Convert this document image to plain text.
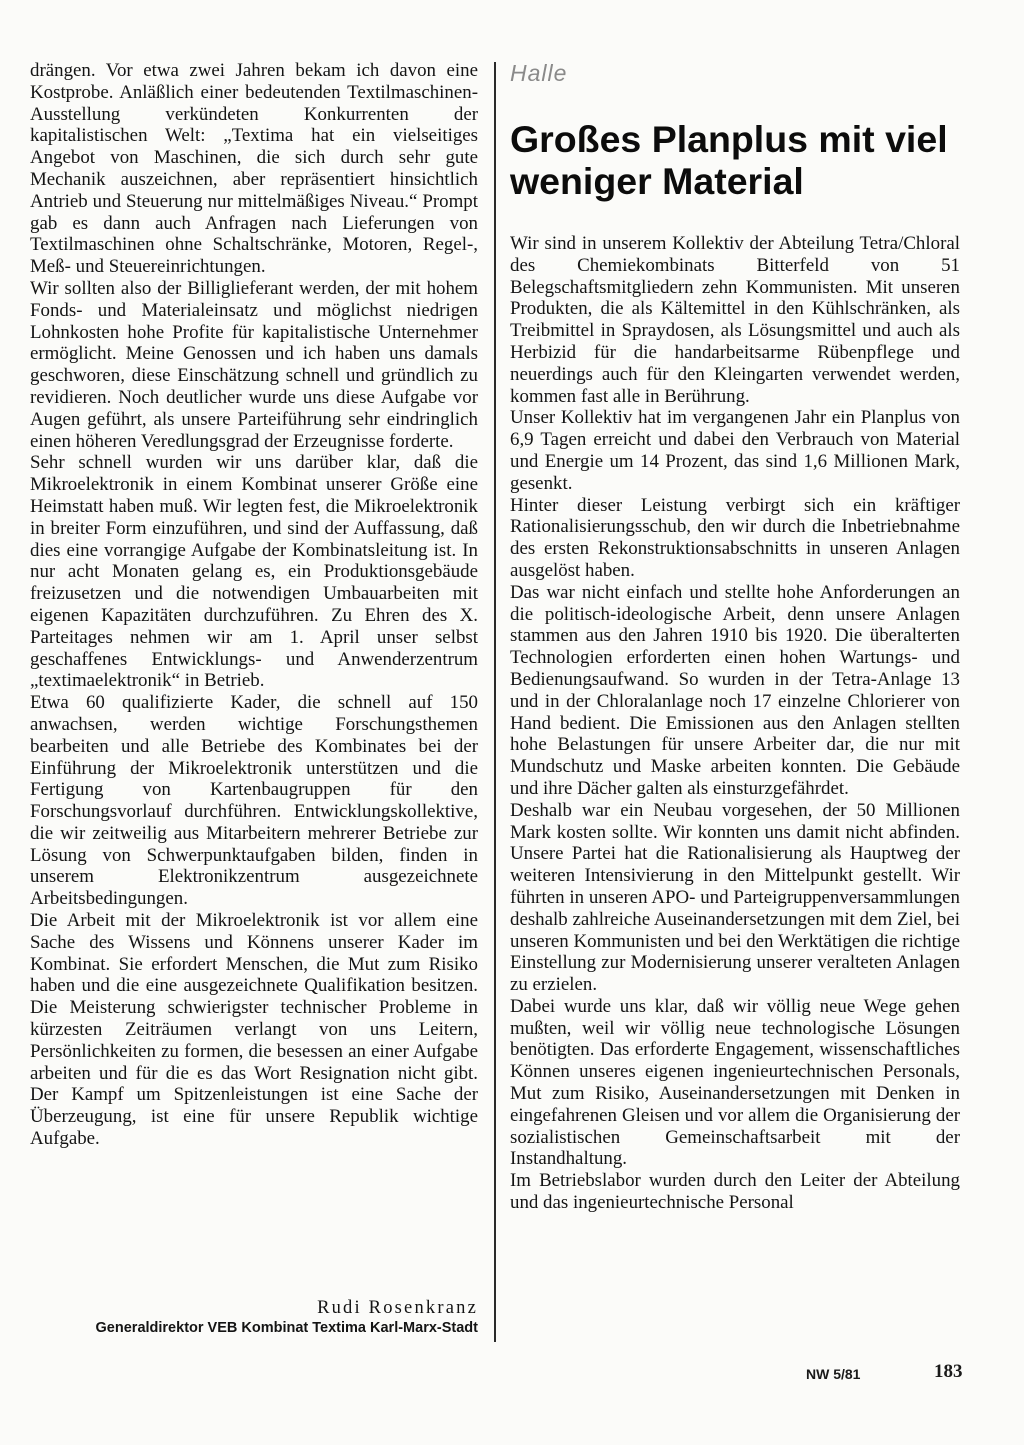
drängen. Vor etwa zwei Jahren bekam ich davon eine Kostprobe. Anläßlich einer bedeutenden Textilmaschinen-Ausstellung verkündeten Konkurrenten der kapitalistischen Welt: „Textima hat ein vielseitiges Angebot von Maschinen, die sich durch sehr gute Mechanik auszeichnen, aber repräsentiert hinsichtlich Antrieb und Steuerung nur mittelmäßiges Niveau.“ Prompt gab es dann auch Anfragen nach Lieferungen von Textilmaschinen ohne Schaltschränke, Motoren, Regel-, Meß- und Steuereinrichtungen.

Wir sollten also der Billiglieferant werden, der mit hohem Fonds- und Materialeinsatz und möglichst niedrigen Lohnkosten hohe Profite für kapitalistische Unternehmer ermöglicht. Meine Genossen und ich haben uns damals geschworen, diese Einschätzung schnell und gründlich zu revidieren. Noch deutlicher wurde uns diese Aufgabe vor Augen geführt, als unsere Parteiführung sehr eindringlich einen höheren Veredlungsgrad der Erzeugnisse forderte.

Sehr schnell wurden wir uns darüber klar, daß die Mikroelektronik in einem Kombinat unserer Größe eine Heimstatt haben muß. Wir legten fest, die Mikroelektronik in breiter Form einzuführen, und sind der Auffassung, daß dies eine vorrangige Aufgabe der Kombinatsleitung ist. In nur acht Monaten gelang es, ein Produktionsgebäude freizusetzen und die notwendigen Umbauarbeiten mit eigenen Kapazitäten durchzuführen. Zu Ehren des X. Parteitages nehmen wir am 1. April unser selbst geschaffenes Entwicklungs- und Anwenderzentrum „textimaelektronik“ in Betrieb.

Etwa 60 qualifizierte Kader, die schnell auf 150 anwachsen, werden wichtige Forschungsthemen bearbeiten und alle Betriebe des Kombinates bei der Einführung der Mikroelektronik unterstützen und die Fertigung von Kartenbaugruppen für den Forschungsvorlauf durchführen. Entwicklungskollektive, die wir zeitweilig aus Mitarbeitern mehrerer Betriebe zur Lösung von Schwerpunktaufgaben bilden, finden in unserem Elektronikzentrum ausgezeichnete Arbeitsbedingungen.

Die Arbeit mit der Mikroelektronik ist vor allem eine Sache des Wissens und Könnens unserer Kader im Kombinat. Sie erfordert Menschen, die Mut zum Risiko haben und die eine ausgezeichnete Qualifikation besitzen. Die Meisterung schwierigster technischer Probleme in kürzesten Zeiträumen verlangt von uns Leitern, Persönlichkeiten zu formen, die besessen an einer Aufgabe arbeiten und für die es das Wort Resignation nicht gibt. Der Kampf um Spitzenleistungen ist eine Sache der Überzeugung, ist eine für unsere Republik wichtige Aufgabe.

Rudi Rosenkranz
Generaldirektor VEB Kombinat Textima Karl-Marx-Stadt
Halle
Großes Planplus mit viel weniger Material

Wir sind in unserem Kollektiv der Abteilung Tetra/Chloral des Chemiekombinats Bitterfeld von 51 Belegschaftsmitgliedern zehn Kommunisten. Mit unseren Produkten, die als Kältemittel in den Kühlschränken, als Treibmittel in Spraydosen, als Lösungsmittel und auch als Herbizid für die handarbeitsarme Rübenpflege und neuerdings auch für den Kleingarten verwendet werden, kommen fast alle in Berührung.

Unser Kollektiv hat im vergangenen Jahr ein Planplus von 6,9 Tagen erreicht und dabei den Verbrauch von Material und Energie um 14 Prozent, das sind 1,6 Millionen Mark, gesenkt.

Hinter dieser Leistung verbirgt sich ein kräftiger Rationalisierungsschub, den wir durch die Inbetriebnahme des ersten Rekonstruktionsabschnitts in unseren Anlagen ausgelöst haben.

Das war nicht einfach und stellte hohe Anforderungen an die politisch-ideologische Arbeit, denn unsere Anlagen stammen aus den Jahren 1910 bis 1920. Die überalterten Technologien erforderten einen hohen Wartungs- und Bedienungsaufwand. So wurden in der Tetra-Anlage 13 und in der Chloralanlage noch 17 einzelne Chlorierer von Hand bedient. Die Emissionen aus den Anlagen stellten hohe Belastungen für unsere Arbeiter dar, die nur mit Mundschutz und Maske arbeiten konnten. Die Gebäude und ihre Dächer galten als einsturzgefährdet.

Deshalb war ein Neubau vorgesehen, der 50 Millionen Mark kosten sollte. Wir konnten uns damit nicht abfinden. Unsere Partei hat die Rationalisierung als Hauptweg der weiteren Intensivierung in den Mittelpunkt gestellt. Wir führten in unseren APO- und Parteigruppenversammlungen deshalb zahlreiche Auseinandersetzungen mit dem Ziel, bei unseren Kommunisten und bei den Werktätigen die richtige Einstellung zur Modernisierung unserer veralteten Anlagen zu erzielen.

Dabei wurde uns klar, daß wir völlig neue Wege gehen mußten, weil wir völlig neue technologische Lösungen benötigten. Das erforderte Engagement, wissenschaftliches Können unseres eigenen ingenieurtechnischen Personals, Mut zum Risiko, Auseinandersetzungen mit Denken in eingefahrenen Gleisen und vor allem die Organisierung der sozialistischen Gemeinschaftsarbeit mit der Instandhaltung.

Im Betriebslabor wurden durch den Leiter der Abteilung und das ingenieurtechnische Personal

NW 5/81	183
